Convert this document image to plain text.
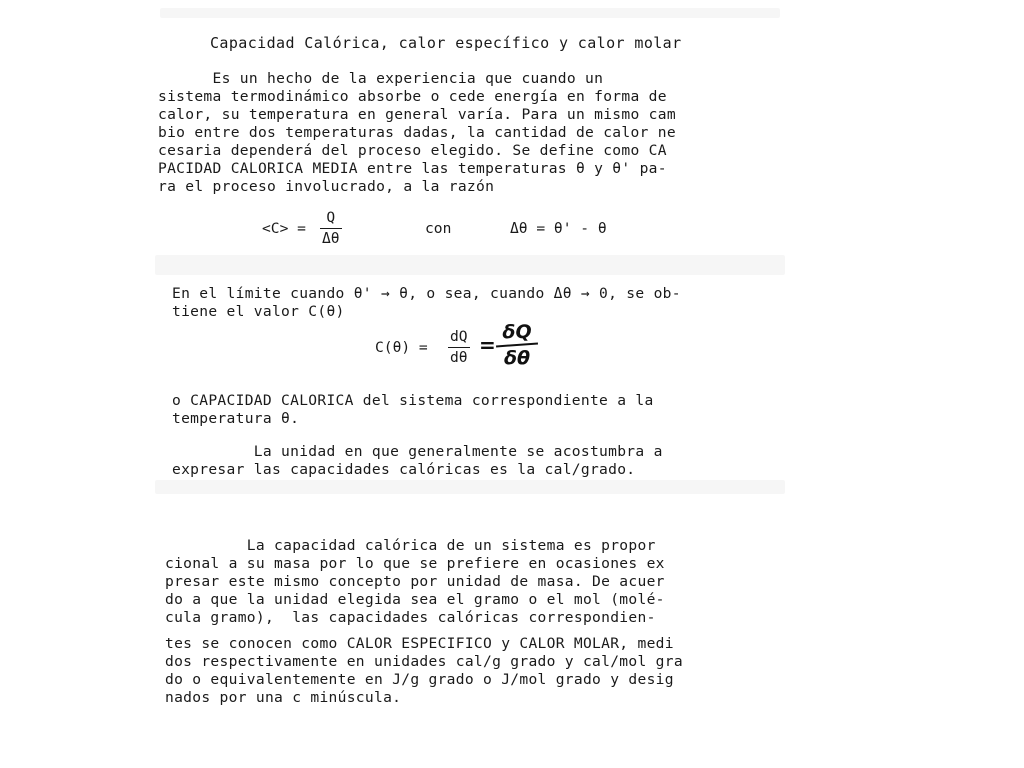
Capacidad Calórica, calor específico y calor molar
Es un hecho de la experiencia que cuando un
sistema termodinámico absorbe o cede energía en forma de
calor, su temperatura en general varía. Para un mismo cam
bio entre dos temperaturas dadas, la cantidad de calor ne
cesaria dependerá del proceso elegido. Se define como CA
PACIDAD CALORICA MEDIA entre las temperaturas θ y θ' pa-
ra el proceso involucrado, a la razón
<C> =
Q
Δθ
con	Δθ = θ' - θ
En el límite cuando θ' → θ, o sea, cuando Δθ → 0, se ob-
tiene el valor C(θ)
C(θ) =
dQ
dθ
=
δQ
δθ
o CAPACIDAD CALORICA del sistema correspondiente a la
temperatura θ.
La unidad en que generalmente se acostumbra a
expresar las capacidades calóricas es la cal/grado.
La capacidad calórica de un sistema es propor
cional a su masa por lo que se prefiere en ocasiones ex
presar este mismo concepto por unidad de masa. De acuer
do a que la unidad elegida sea el gramo o el mol (molé-
cula gramo),  las capacidades calóricas correspondien-
tes se conocen como CALOR ESPECIFICO y CALOR MOLAR, medi
dos respectivamente en unidades cal/g grado y cal/mol gra
do o equivalentemente en J/g grado o J/mol grado y desig
nados por una c minúscula.
